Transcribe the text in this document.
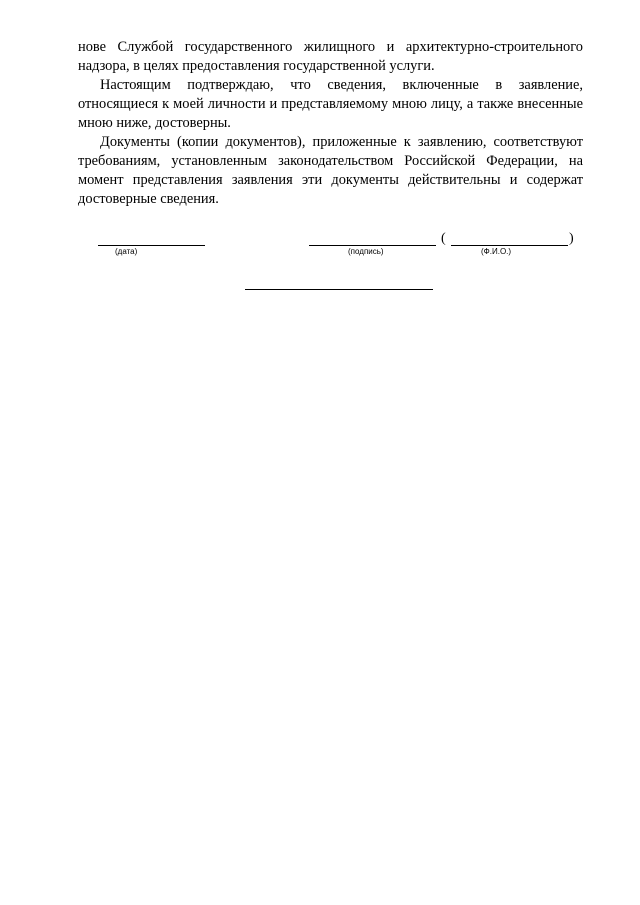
нове Службой государственного жилищного и архитектурно-строительного надзора, в целях предоставления государственной услуги.

Настоящим подтверждаю, что сведения, включенные в заявление, относящиеся к моей личности и представляемому мною лицу, а также внесенные мною ниже, достоверны.

Документы (копии документов), приложенные к заявлению, соответствуют требованиям, установленным законодательством Российской Федерации, на момент представления заявления эти документы действительны и содержат достоверные сведения.

(дата)	(подпись)
(	)
(Ф.И.О.)
